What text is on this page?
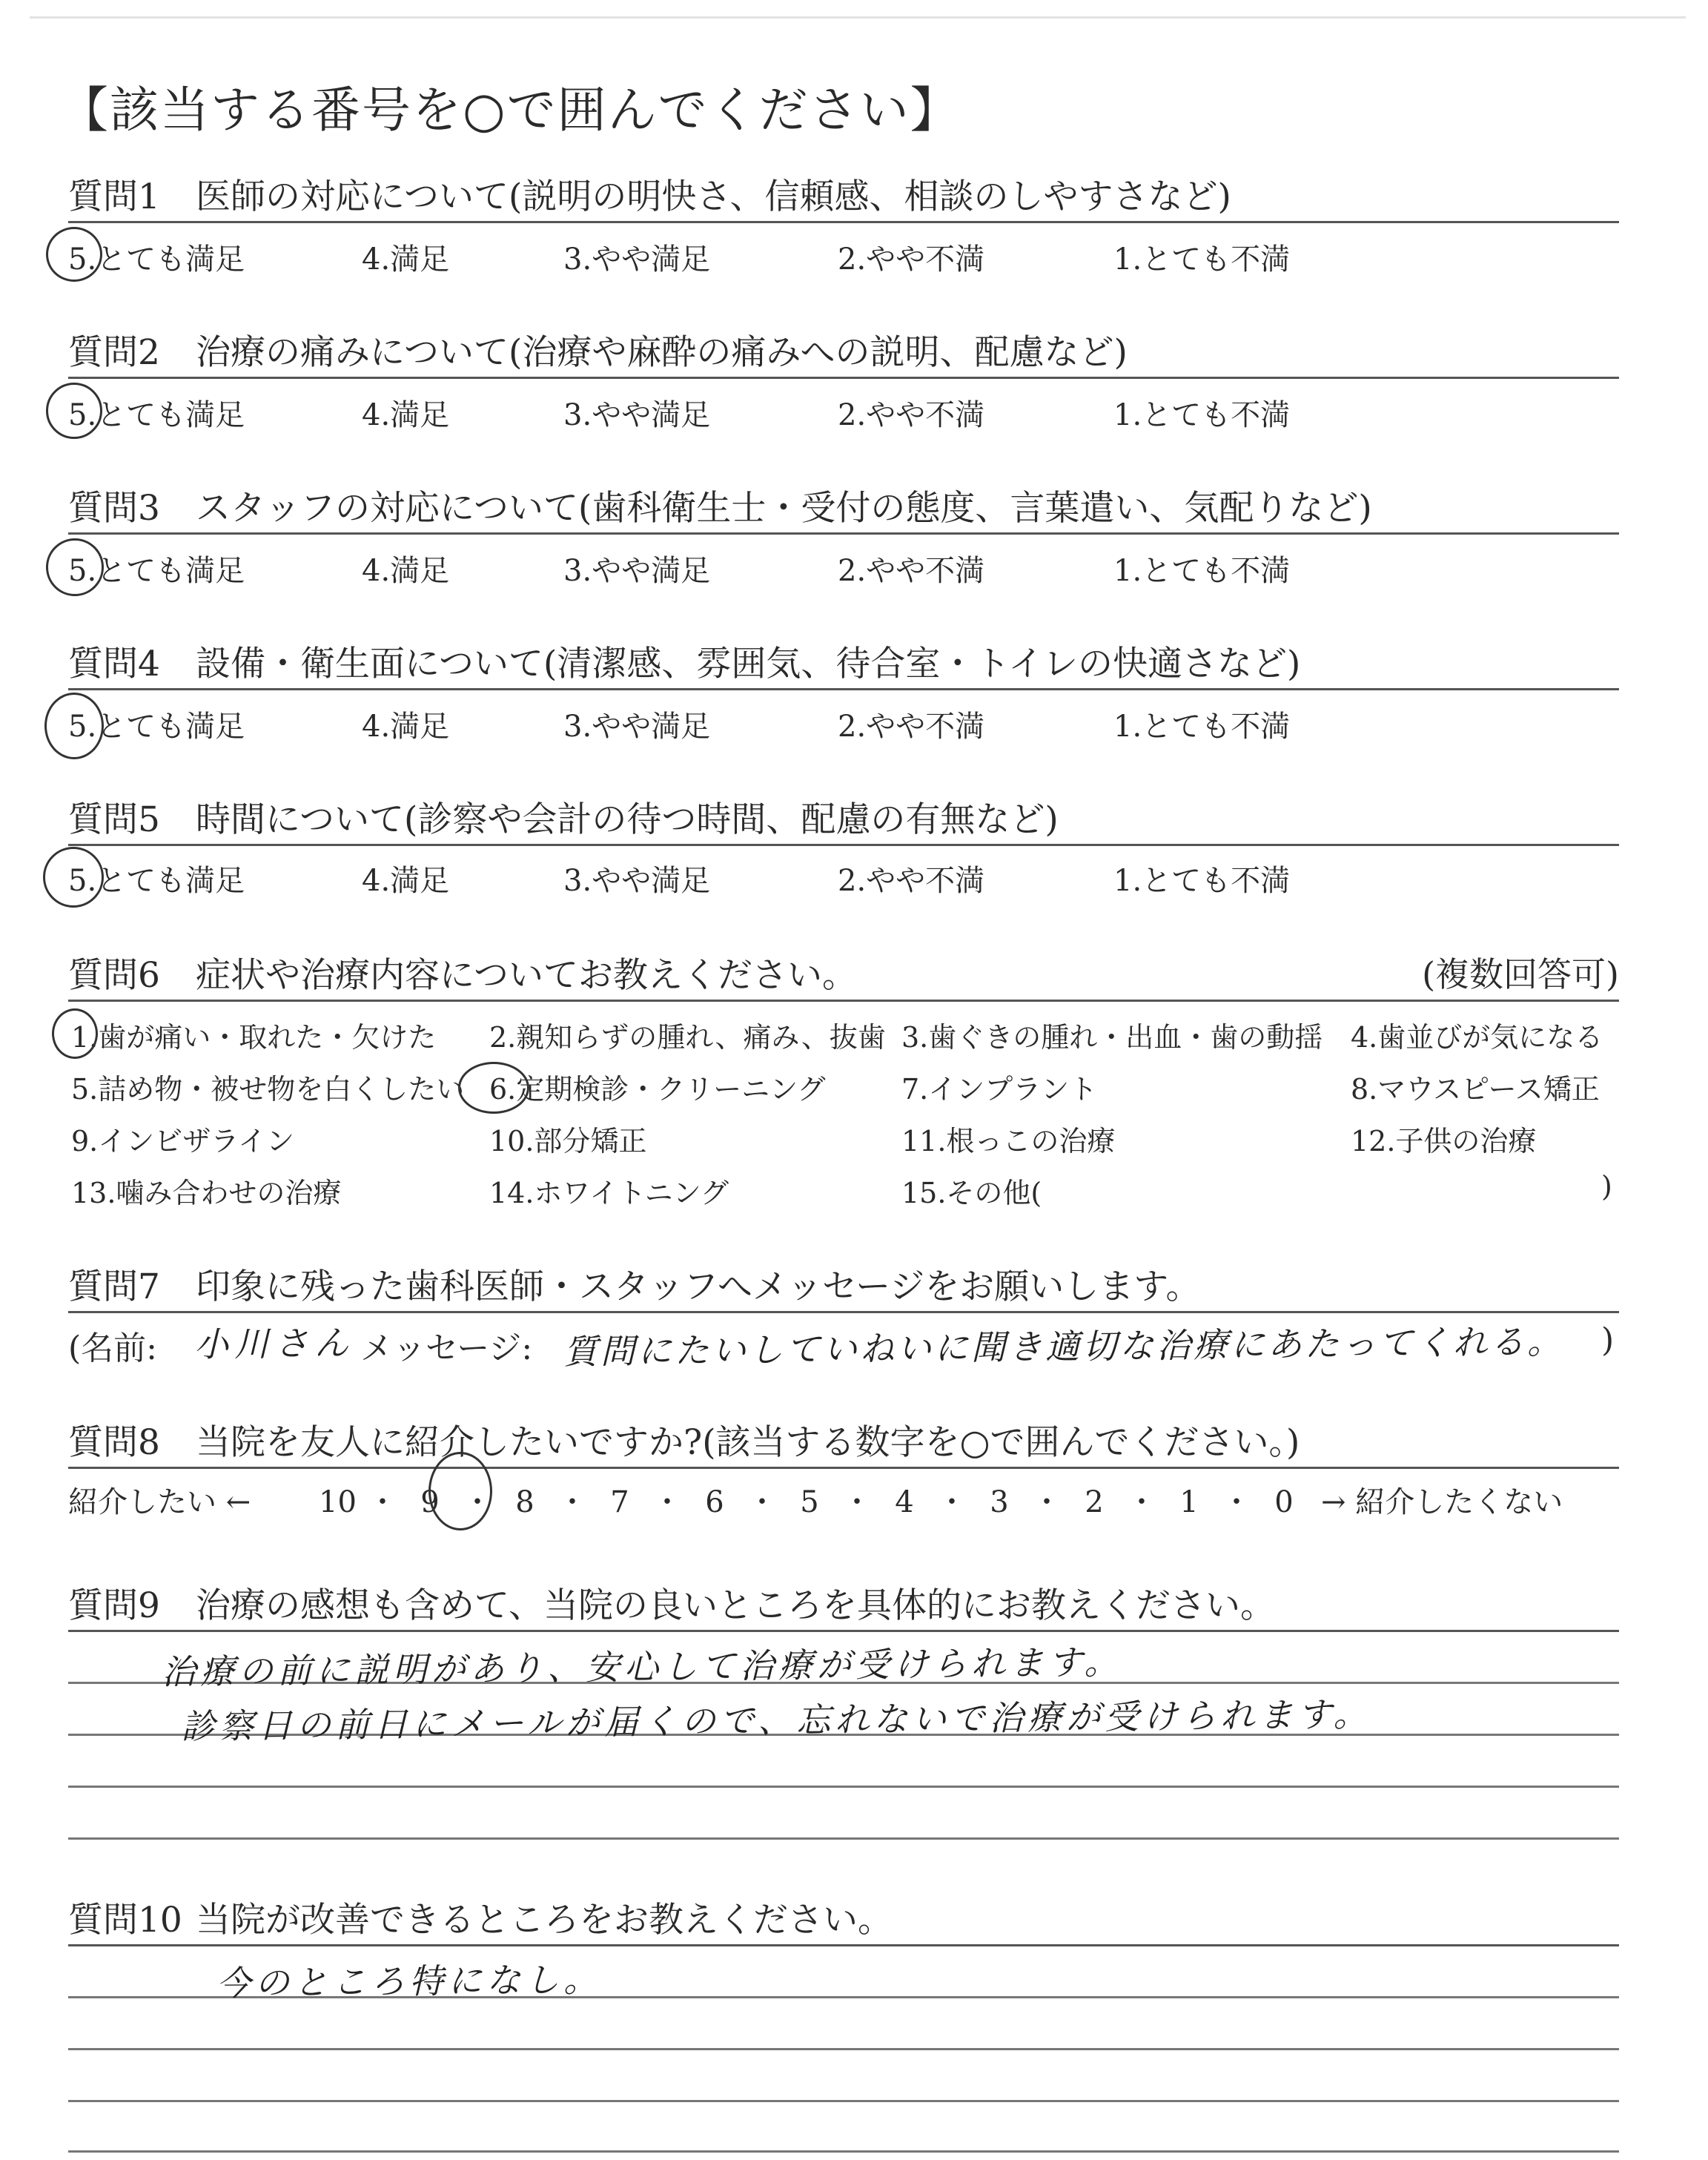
【該当する番号を○で囲んでください】
質問1 医師の対応について(説明の明快さ、信頼感、相談のしやすさなど)
5.とても満足	4.満足	3.やや満足	2.やや不満	1.とても不満
質問2 治療の痛みについて(治療や麻酔の痛みへの説明、配慮など)
5.とても満足	4.満足	3.やや満足	2.やや不満	1.とても不満
質問3 スタッフの対応について(歯科衛生士・受付の態度、言葉遣い、気配りなど)
5.とても満足	4.満足	3.やや満足	2.やや不満	1.とても不満
質問4 設備・衛生面について(清潔感、雰囲気、待合室・トイレの快適さなど)
5.とても満足	4.満足	3.やや満足	2.やや不満	1.とても不満
質問5 時間について(診察や会計の待つ時間、配慮の有無など)
5.とても満足	4.満足	3.やや満足	2.やや不満	1.とても不満
質問6 症状や治療内容についてお教えください。	(複数回答可)
1.歯が痛い・取れた・欠けた 2.親知らずの腫れ、痛み、抜歯 3.歯ぐきの腫れ・出血・歯の動揺 4.歯並びが気になる
5.詰め物・被せ物を白くしたい 6.定期検診・クリーニング	7.インプラント	8.マウスピース矯正
9.インビザライン	10.部分矯正	11.根っこの治療	12.子供の治療
13.噛み合わせの治療	14.ホワイトニング	15.その他(	)
質問7 印象に残った歯科医師・スタッフへメッセージをお願いします。
(名前: 小川さん メッセージ: 質問にたいしていねいに聞き適切な治療にあたってくれる。 )
質問8 当院を友人に紹介したいですか?(該当する数字を○で囲んでください。)
紹介したい ← 10 ・ 9 ・ 8 ・ 7 ・ 6 ・ 5 ・ 4 ・ 3 ・ 2 ・ 1 ・ 0 → 紹介したくない
質問9 治療の感想も含めて、当院の良いところを具体的にお教えください。
治療の前に説明があり、安心して治療が受けられます。
診察日の前日にメールが届くので、忘れないで治療が受けられます。
質問10 当院が改善できるところをお教えください。
今のところ特になし。
